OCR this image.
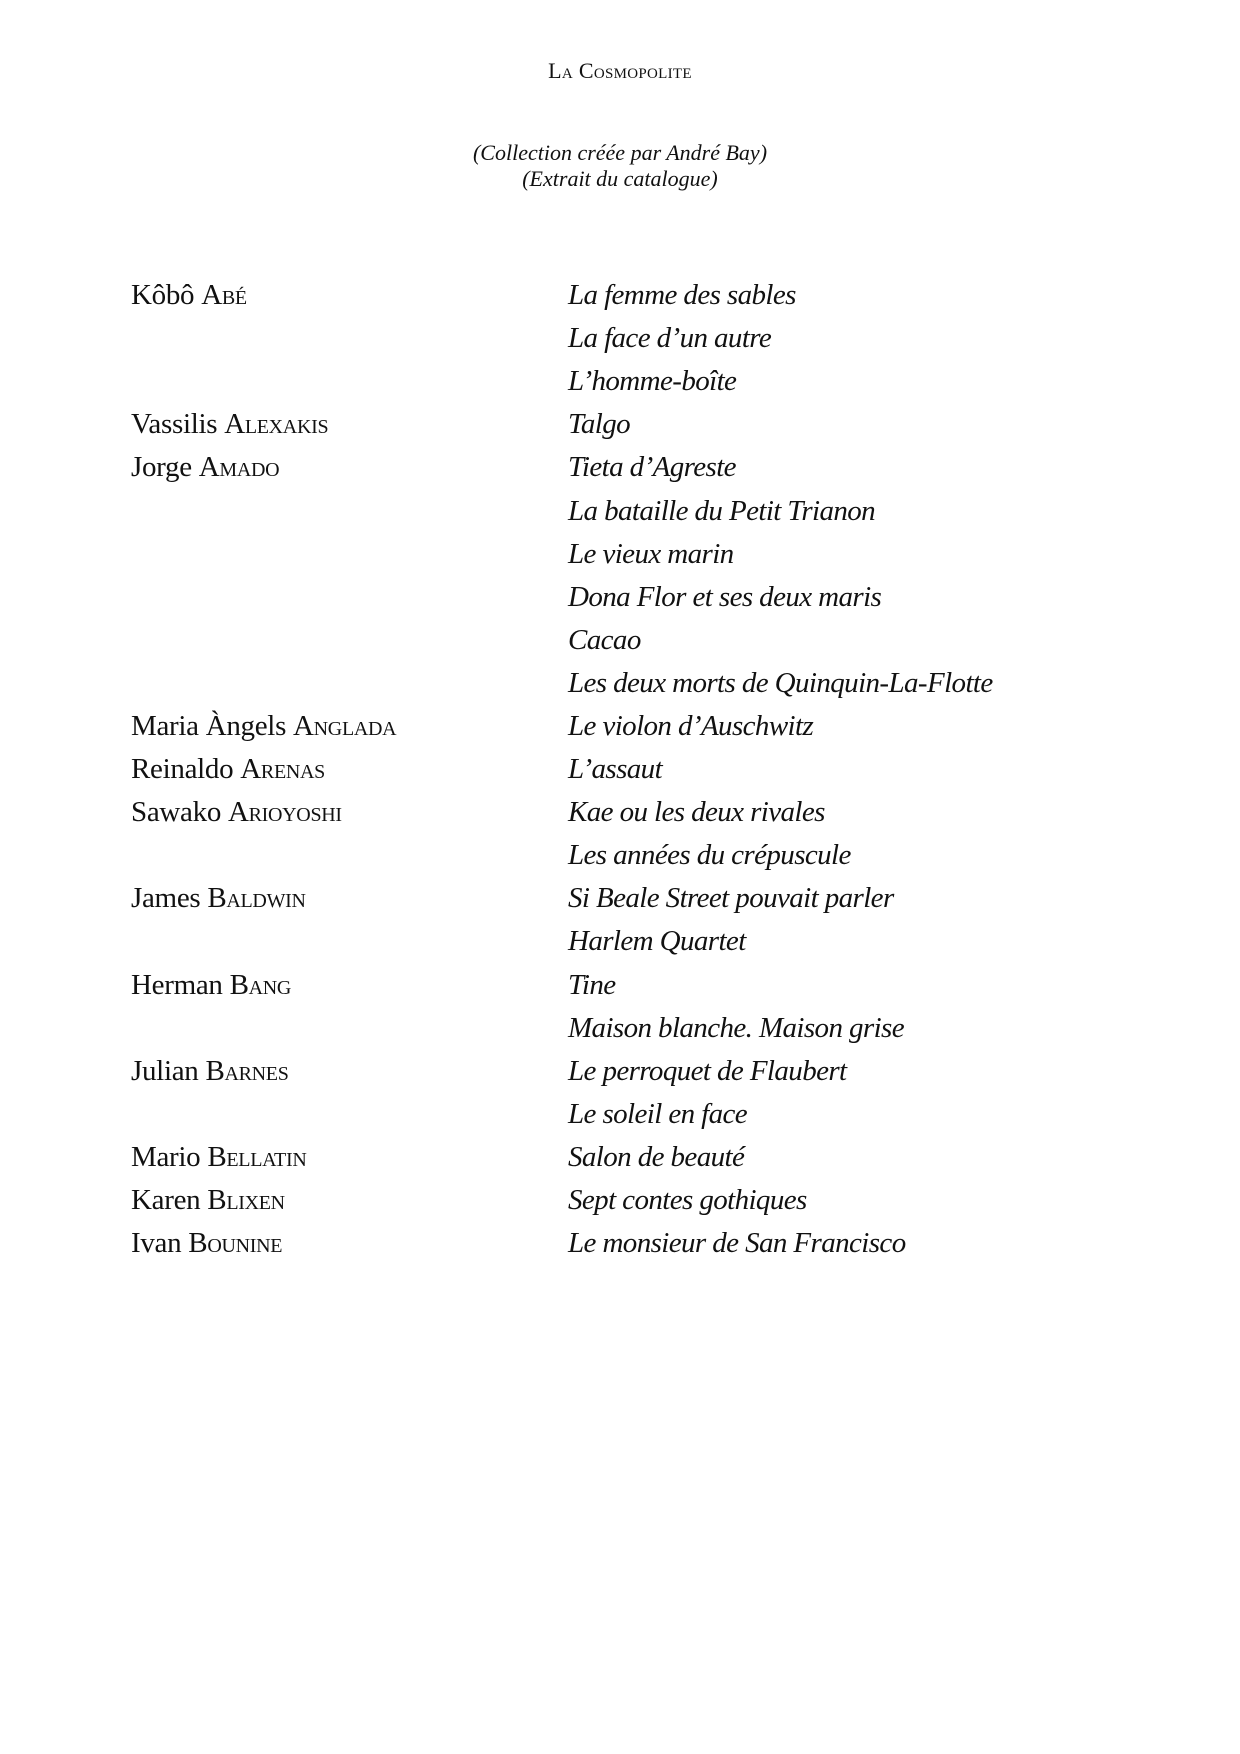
La Cosmopolite
(Collection créée par André Bay)
(Extrait du catalogue)
Kôbô Abé	La femme des sables
La face d’un autre
L’homme-boîte
Vassilis Alexakis	Talgo
Jorge Amado	Tieta d’Agreste
La bataille du Petit Trianon
Le vieux marin
Dona Flor et ses deux maris
Cacao
Les deux morts de Quinquin-La-Flotte
Maria Àngels Anglada	Le violon d’Auschwitz
Reinaldo Arenas	L’assaut
Sawako Arioyoshi	Kae ou les deux rivales
Les années du crépuscule
James Baldwin	Si Beale Street pouvait parler
Harlem Quartet
Herman Bang	Tine
Maison blanche. Maison grise
Julian Barnes	Le perroquet de Flaubert
Le soleil en face
Mario Bellatin	Salon de beauté
Karen Blixen	Sept contes gothiques
Ivan Bounine	Le monsieur de San Francisco
